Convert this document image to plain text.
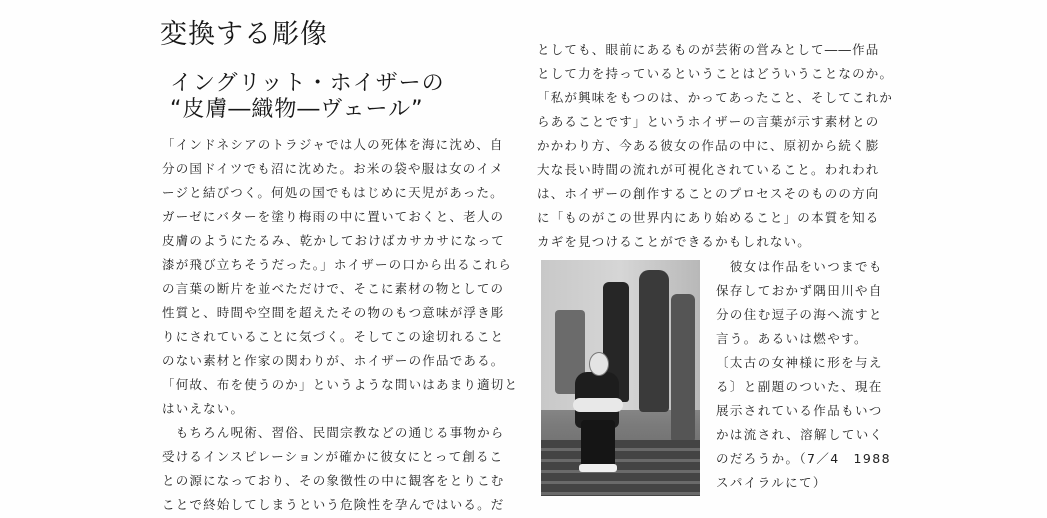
変換する彫像
イングリット・ホイザーの
“皮膚―織物―ヴェール”
「インドネシアのトラジャでは人の死体を海に沈め、自
分の国ドイツでも沼に沈めた。お米の袋や服は女のイメ
ージと結びつく。何処の国でもはじめに天児があった。
ガーゼにバターを塗り梅雨の中に置いておくと、老人の
皮膚のようにたるみ、乾かしておけばカサカサになって
漆が飛び立ちそうだった。」ホイザーの口から出るこれら
の言葉の断片を並べただけで、そこに素材の物としての
性質と、時間や空間を超えたその物のもつ意味が浮き彫
りにされていることに気づく。そしてこの途切れること
のない素材と作家の関わりが、ホイザーの作品である。
「何故、布を使うのか」というような問いはあまり適切と
はいえない。
　もちろん呪術、習俗、民間宗教などの通じる事物から
受けるインスピレーションが確かに彼女にとって創るこ
との源になっており、その象徴性の中に観客をとりこむ
ことで終始してしまうという危険性を孕んではいる。だ
としても、眼前にあるものが芸術の営みとして――作品
として力を持っているということはどういうことなのか。
「私が興味をもつのは、かってあったこと、そしてこれか
らあることです」というホイザーの言葉が示す素材との
かかわり方、今ある彼女の作品の中に、原初から続く膨
大な長い時間の流れが可視化されていること。われわれ
は、ホイザーの創作することのプロセスそのものの方向
に「ものがこの世界内にあり始めること」の本質を知る
カギを見つけることができるかもしれない。
　彼女は作品をいつまでも
保存しておかず隅田川や自
分の住む逗子の海へ流すと
言う。あるいは燃やす。
〔太古の女神様に形を与え
る〕と副題のついた、現在
展示されている作品もいつ
かは流され、溶解していく
のだろうか。（7／4　1988
スパイラルにて）
